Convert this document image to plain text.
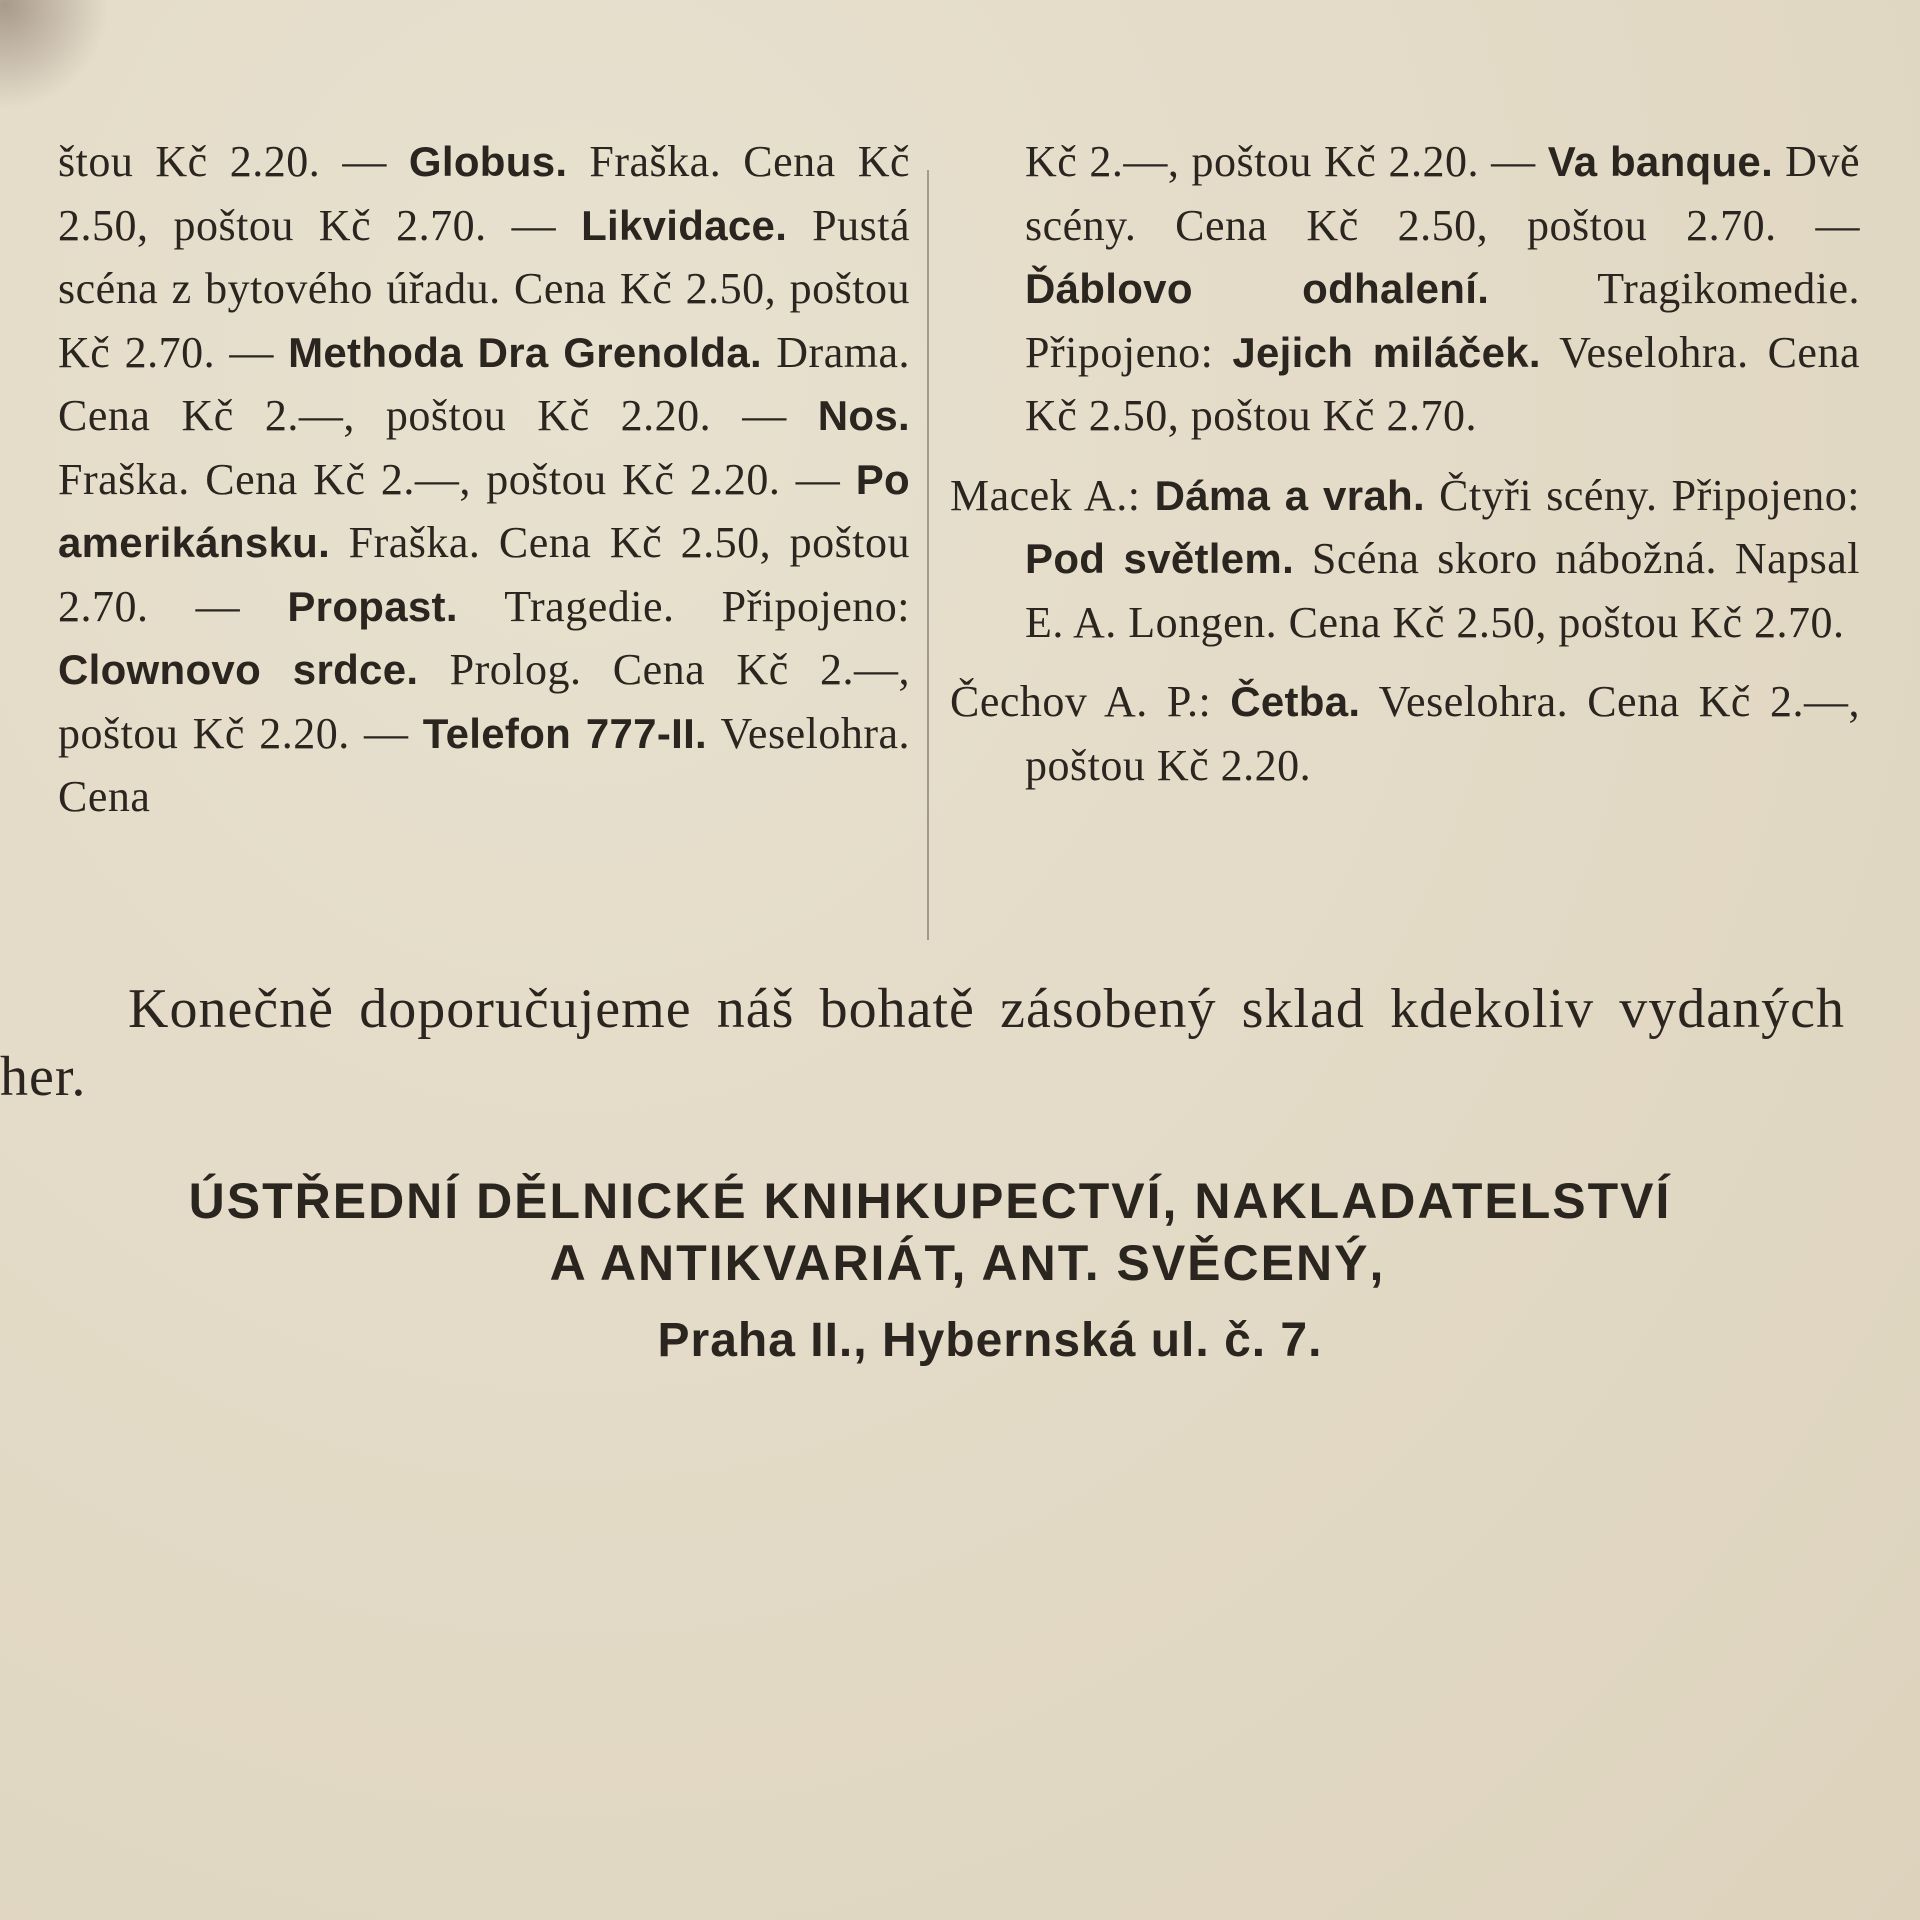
štou Kč 2.20. — Globus. Fraška. Cena Kč 2.50, poštou Kč 2.70. — Likvidace. Pustá scéna z bytového úřadu. Cena Kč 2.50, poštou Kč 2.70. — Methoda Dra Grenolda. Drama. Cena Kč 2.—, poštou Kč 2.20. — Nos. Fraška. Cena Kč 2.—, poštou Kč 2.20. — Po amerikánsku. Fraška. Cena Kč 2.50, poštou 2.70. — Propast. Tragedie. Připojeno: Clownovo srdce. Prolog. Cena Kč 2.—, poštou Kč 2.20. — Telefon 777-II. Veselohra. Cena

Kč 2.—, poštou Kč 2.20. — Va banque. Dvě scény. Cena Kč 2.50, poštou 2.70. — Ďáblovo odhalení. Tragikomedie. Připojeno: Jejich miláček. Veselohra. Cena Kč 2.50, poštou Kč 2.70.

Macek A.: Dáma a vrah. Čtyři scény. Připojeno: Pod světlem. Scéna skoro nábožná. Napsal E. A. Longen. Cena Kč 2.50, poštou Kč 2.70.

Čechov A. P.: Četba. Veselohra. Cena Kč 2.—, poštou Kč 2.20.

Konečně doporučujeme náš bohatě zásobený sklad kdekoliv vydaných her.

ÚSTŘEDNÍ DĚLNICKÉ KNIHKUPECTVÍ, NAKLADATELSTVÍ
A ANTIKVARIÁT, ANT. SVĚCENÝ,
Praha II., Hybernská ul. č. 7.
